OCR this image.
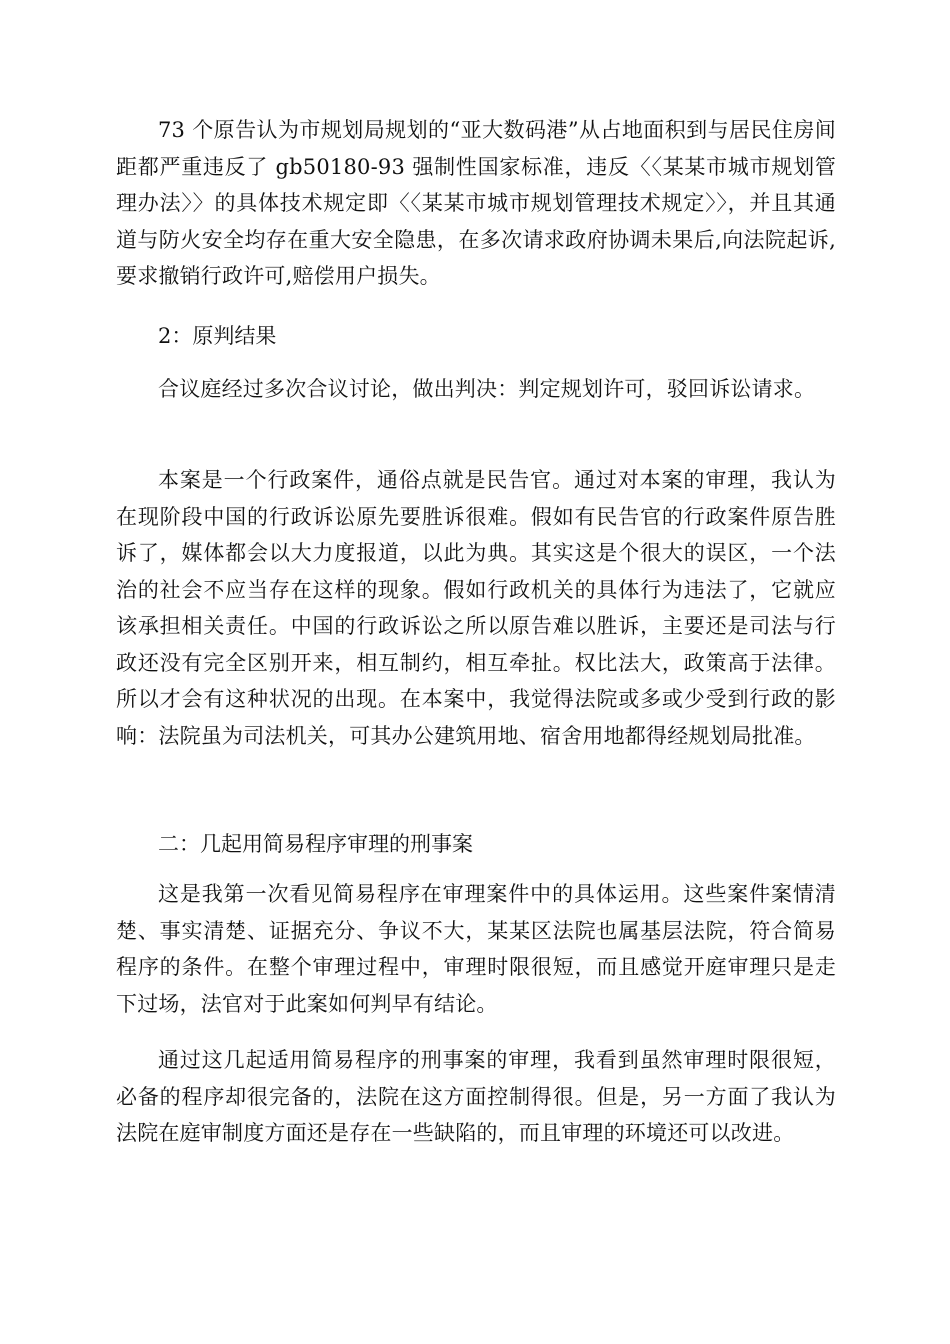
73 个原告认为市规划局规划的“亚大数码港”从占地面积到与居民住房间距都严重违反了 gb50180-93 强制性国家标准，违反〈〈某某市城市规划管理办法〉〉的具体技术规定即〈〈某某市城市规划管理技术规定〉〉，并且其通道与防火安全均存在重大安全隐患，在多次请求政府协调未果后,向法院起诉,要求撤销行政许可,赔偿用户损失。

2：原判结果

合议庭经过多次合议讨论，做出判决：判定规划许可，驳回诉讼请求。

本案是一个行政案件，通俗点就是民告官。通过对本案的审理，我认为在现阶段中国的行政诉讼原先要胜诉很难。假如有民告官的行政案件原告胜诉了，媒体都会以大力度报道，以此为典。其实这是个很大的误区，一个法治的社会不应当存在这样的现象。假如行政机关的具体行为违法了，它就应该承担相关责任。中国的行政诉讼之所以原告难以胜诉，主要还是司法与行政还没有完全区别开来，相互制约，相互牵扯。权比法大，政策高于法律。所以才会有这种状况的出现。在本案中，我觉得法院或多或少受到行政的影响：法院虽为司法机关，可其办公建筑用地、宿舍用地都得经规划局批准。

二：几起用简易程序审理的刑事案

这是我第一次看见简易程序在审理案件中的具体运用。这些案件案情清楚、事实清楚、证据充分、争议不大，某某区法院也属基层法院，符合简易程序的条件。在整个审理过程中，审理时限很短，而且感觉开庭审理只是走下过场，法官对于此案如何判早有结论。

通过这几起适用简易程序的刑事案的审理，我看到虽然审理时限很短，必备的程序却很完备的，法院在这方面控制得很。但是，另一方面了我认为法院在庭审制度方面还是存在一些缺陷的，而且审理的环境还可以改进。
